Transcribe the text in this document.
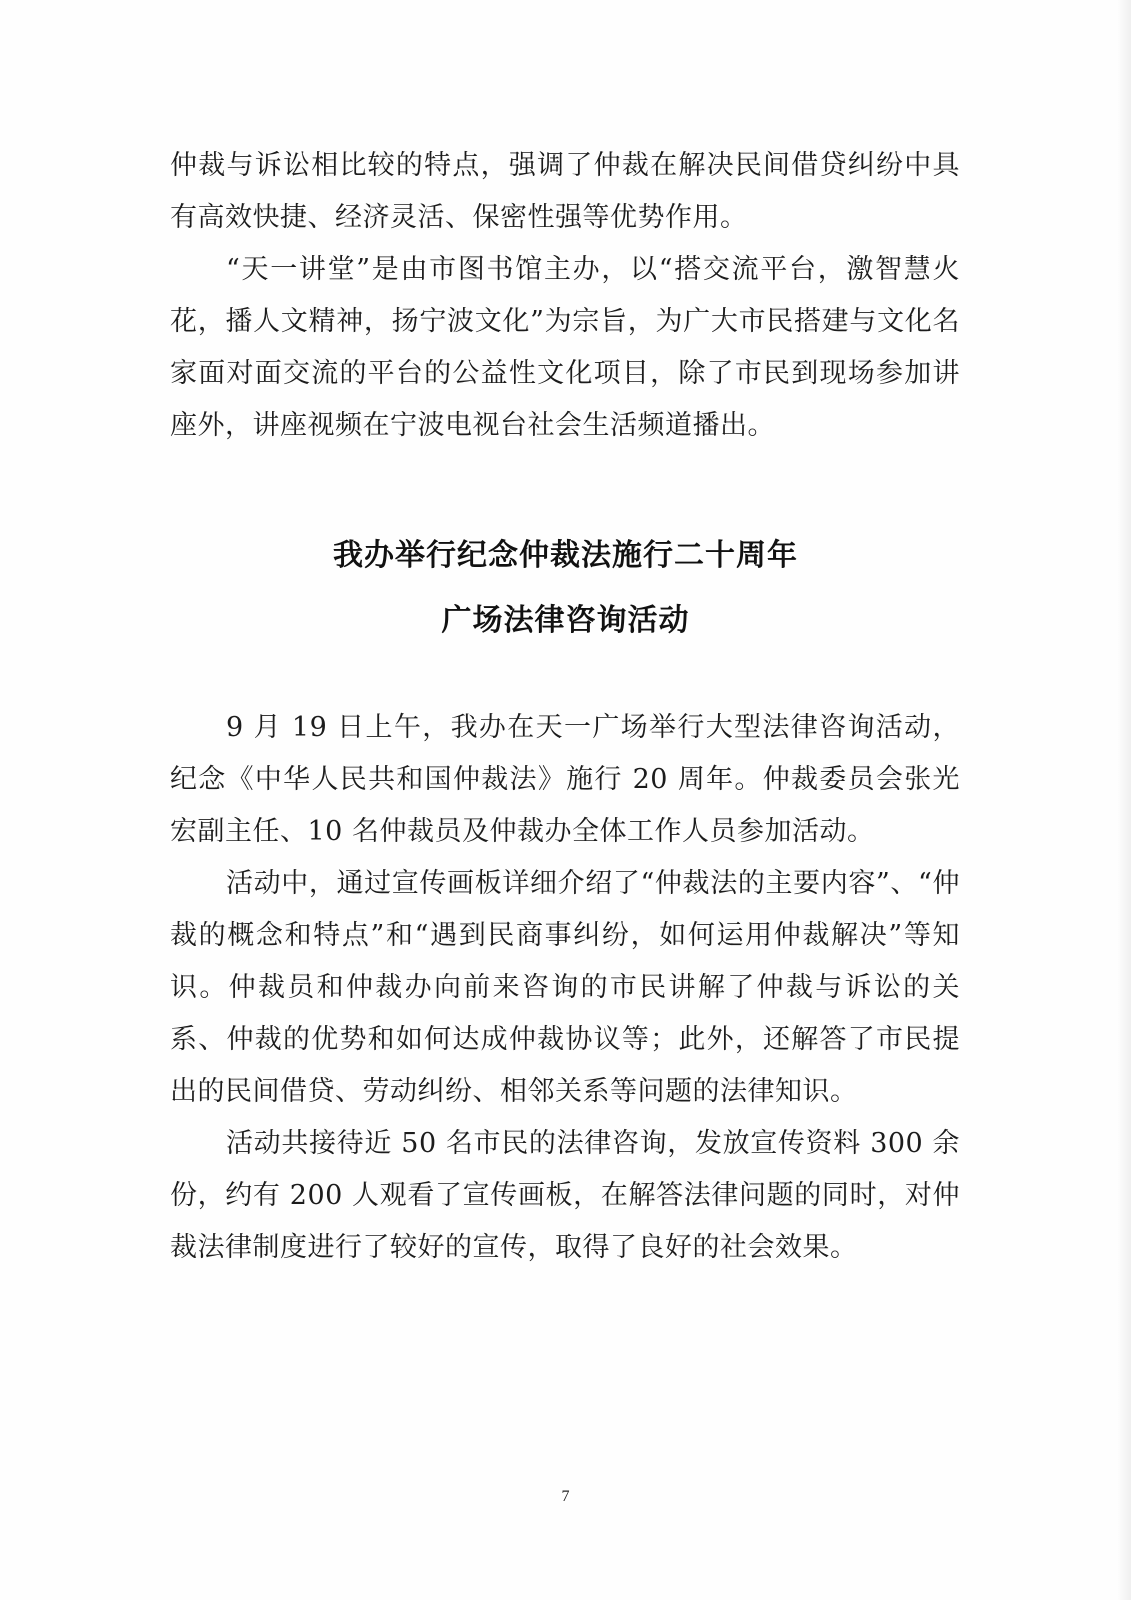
仲裁与诉讼相比较的特点，强调了仲裁在解决民间借贷纠纷中具有高效快捷、经济灵活、保密性强等优势作用。

“天一讲堂”是由市图书馆主办，以“搭交流平台，激智慧火花，播人文精神，扬宁波文化”为宗旨，为广大市民搭建与文化名家面对面交流的平台的公益性文化项目，除了市民到现场参加讲座外，讲座视频在宁波电视台社会生活频道播出。

我办举行纪念仲裁法施行二十周年
广场法律咨询活动

9 月 19 日上午，我办在天一广场举行大型法律咨询活动，纪念《中华人民共和国仲裁法》施行 20 周年。仲裁委员会张光宏副主任、10 名仲裁员及仲裁办全体工作人员参加活动。

活动中，通过宣传画板详细介绍了“仲裁法的主要内容”、“仲裁的概念和特点”和“遇到民商事纠纷，如何运用仲裁解决”等知识。仲裁员和仲裁办向前来咨询的市民讲解了仲裁与诉讼的关系、仲裁的优势和如何达成仲裁协议等；此外，还解答了市民提出的民间借贷、劳动纠纷、相邻关系等问题的法律知识。

活动共接待近 50 名市民的法律咨询，发放宣传资料 300 余份，约有 200 人观看了宣传画板，在解答法律问题的同时，对仲裁法律制度进行了较好的宣传，取得了良好的社会效果。

7
